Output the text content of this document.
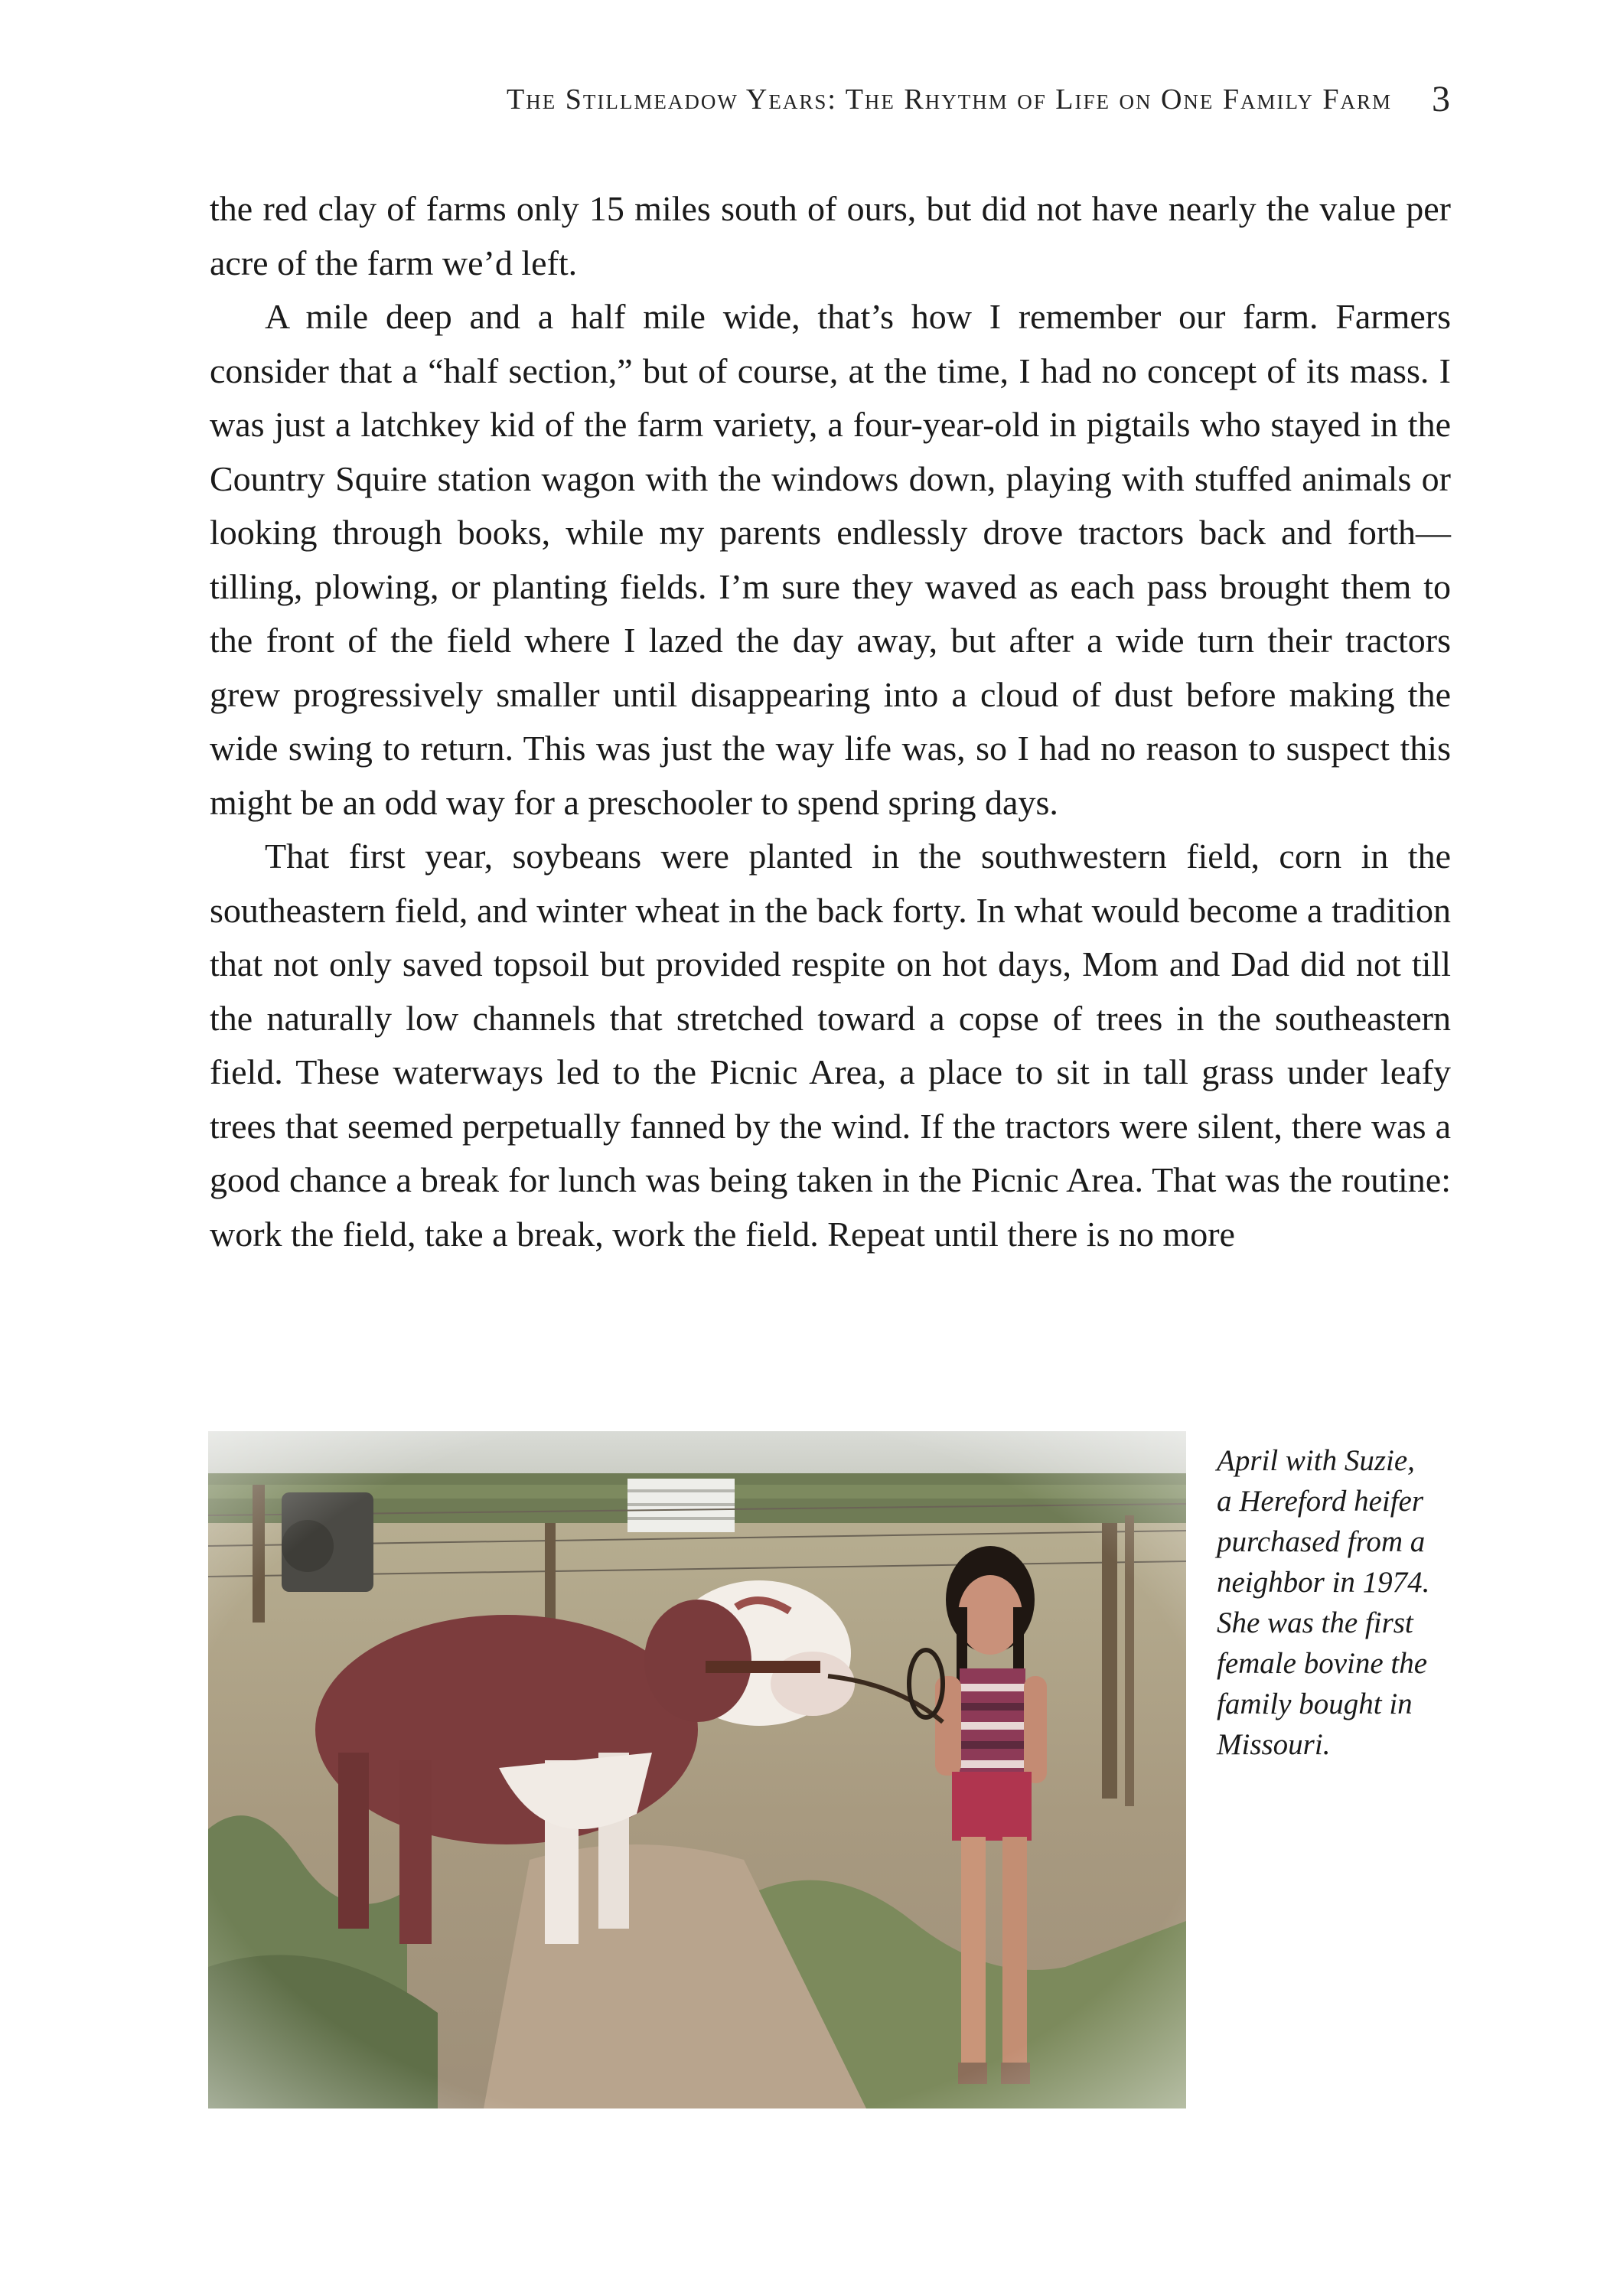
The Stillmeadow Years: The Rhythm of Life on One Family Farm 3

the red clay of farms only 15 miles south of ours, but did not have nearly the value per acre of the farm we’d left.

A mile deep and a half mile wide, that’s how I remember our farm. Farmers consider that a “half section,” but of course, at the time, I had no concept of its mass. I was just a latchkey kid of the farm variety, a four-year-old in pigtails who stayed in the Country Squire station wagon with the windows down, playing with stuffed animals or looking through books, while my parents endlessly drove tractors back and forth—tilling, plowing, or planting fields. I’m sure they waved as each pass brought them to the front of the field where I lazed the day away, but after a wide turn their tractors grew progressively smaller until disappearing into a cloud of dust before making the wide swing to return. This was just the way life was, so I had no reason to suspect this might be an odd way for a preschooler to spend spring days.

That first year, soybeans were planted in the southwestern field, corn in the southeastern field, and winter wheat in the back forty. In what would become a tradition that not only saved topsoil but provided respite on hot days, Mom and Dad did not till the naturally low channels that stretched toward a copse of trees in the southeastern field. These waterways led to the Picnic Area, a place to sit in tall grass under leafy trees that seemed perpetually fanned by the wind. If the tractors were silent, there was a good chance a break for lunch was being taken in the Picnic Area. That was the routine: work the field, take a break, work the field. Repeat until there is no more

April with Suzie,
a Hereford heifer
purchased from a
neighbor in 1974.
She was the first
female bovine the
family bought in
Missouri.
